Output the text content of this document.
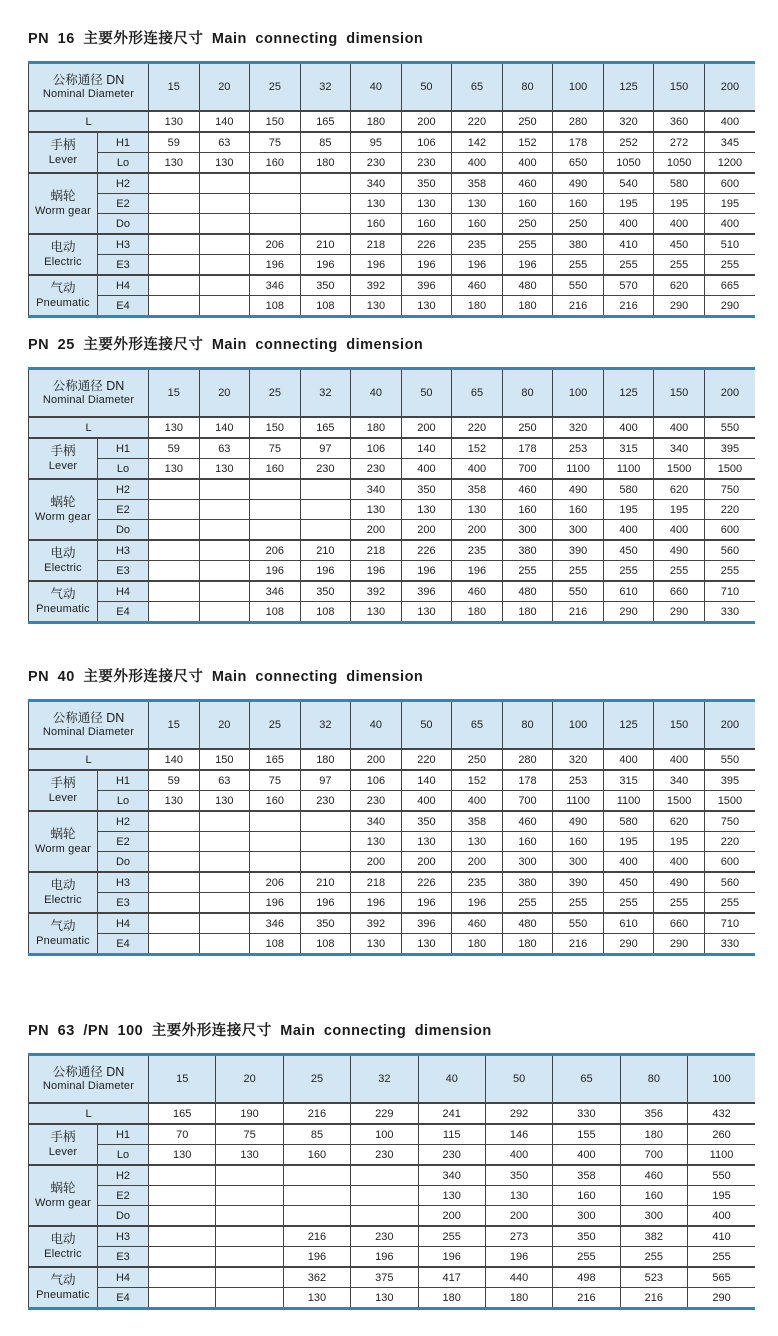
PN 16 主要外形连接尺寸 Main connecting dimension
公称通径 DN
Nominal Diameter		15	20	25	32	40	50	65	80	100	125	150	200
L		130	140	150	165	180	200	220	250	280	320	360	400

手柄
Lever	H1	59	63	75	85	95	106	142	152	178	252	272	345
	Lo	130	130	160	180	230	230	400	400	650	1050	1050	1200

蜗轮
Worm gear	H2					340	350	358	460	490	540	580	600
	E2					130	130	130	160	160	195	195	195
	Do					160	160	160	250	250	400	400	400

电动
Electric	H3			206	210	218	226	235	255	380	410	450	510
	E3			196	196	196	196	196	196	255	255	255	255

气动
Pneumatic	H4			346	350	392	396	460	480	550	570	620	665
	E4			108	108	130	130	180	180	216	216	290	290
PN 25 主要外形连接尺寸 Main connecting dimension
公称通径 DN
Nominal Diameter		15	20	25	32	40	50	65	80	100	125	150	200
L		130	140	150	165	180	200	220	250	320	400	400	550

手柄
Lever	H1	59	63	75	97	106	140	152	178	253	315	340	395
	Lo	130	130	160	230	230	400	400	700	1100	1100	1500	1500

蜗轮
Worm gear	H2					340	350	358	460	490	580	620	750
	E2					130	130	130	160	160	195	195	220
	Do					200	200	200	300	300	400	400	600

电动
Electric	H3			206	210	218	226	235	380	390	450	490	560
	E3			196	196	196	196	196	255	255	255	255	255

气动
Pneumatic	H4			346	350	392	396	460	480	550	610	660	710
	E4			108	108	130	130	180	180	216	290	290	330
PN 40 主要外形连接尺寸 Main connecting dimension
公称通径 DN
Nominal Diameter		15	20	25	32	40	50	65	80	100	125	150	200
L		140	150	165	180	200	220	250	280	320	400	400	550

手柄
Lever	H1	59	63	75	97	106	140	152	178	253	315	340	395
	Lo	130	130	160	230	230	400	400	700	1100	1100	1500	1500

蜗轮
Worm gear	H2					340	350	358	460	490	580	620	750
	E2					130	130	130	160	160	195	195	220
	Do					200	200	200	300	300	400	400	600

电动
Electric	H3			206	210	218	226	235	380	390	450	490	560
	E3			196	196	196	196	196	255	255	255	255	255

气动
Pneumatic	H4			346	350	392	396	460	480	550	610	660	710
	E4			108	108	130	130	180	180	216	290	290	330
PN 63 /PN 100 主要外形连接尺寸 Main connecting dimension
公称通径 DN
Nominal Diameter		15	20	25	32	40	50	65	80	100
L		165	190	216	229	241	292	330	356	432

手柄
Lever	H1	70	75	85	100	115	146	155	180	260
	Lo	130	130	160	230	230	400	400	700	1100

蜗轮
Worm gear	H2					340	350	358	460	550
	E2					130	130	160	160	195
	Do					200	200	300	300	400

电动
Electric	H3			216	230	255	273	350	382	410
	E3			196	196	196	196	255	255	255

气动
Pneumatic	H4			362	375	417	440	498	523	565
	E4			130	130	180	180	216	216	290
